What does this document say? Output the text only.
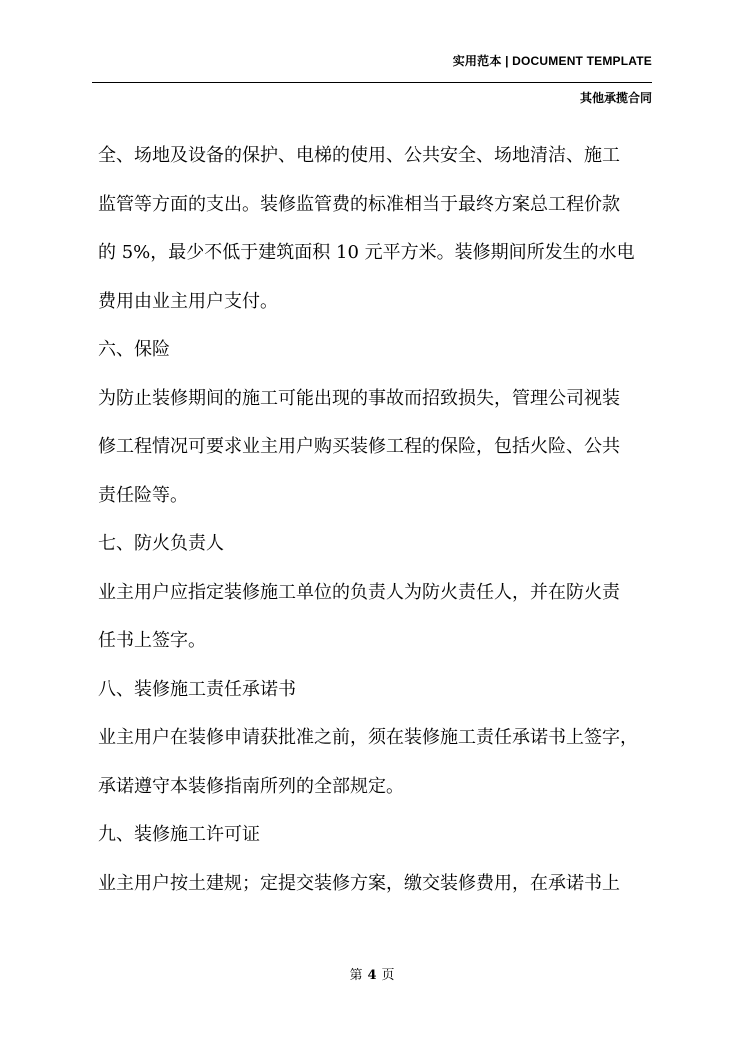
实用范本 | DOCUMENT TEMPLATE
其他承揽合同
全、场地及设备的保护、电梯的使用、公共安全、场地清洁、施工
监管等方面的支出。装修监管费的标准相当于最终方案总工程价款
的 5%，最少不低于建筑面积 10 元平方米。装修期间所发生的水电
费用由业主用户支付。
六、保险
为防止装修期间的施工可能出现的事故而招致损失，管理公司视装
修工程情况可要求业主用户购买装修工程的保险，包括火险、公共
责任险等。
七、防火负责人
业主用户应指定装修施工单位的负责人为防火责任人，并在防火责
任书上签字。
八、装修施工责任承诺书
业主用户在装修申请获批准之前，须在装修施工责任承诺书上签字，
承诺遵守本装修指南所列的全部规定。
九、装修施工许可证
业主用户按土建规；定提交装修方案，缴交装修费用，在承诺书上
第 4 页
